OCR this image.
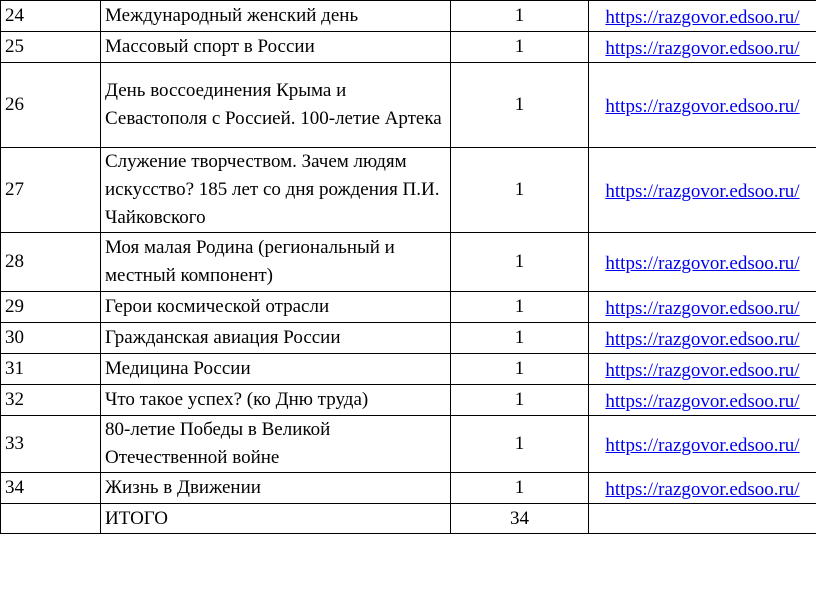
24	Международный женский день	1	https://razgovor.edsoo.ru/
25	Массовый спорт в России	1	https://razgovor.edsoo.ru/
26	День воссоединения Крыма и Севастополя с Россией. 100-летие Артека	1	https://razgovor.edsoo.ru/
27	Служение творчеством. Зачем людям искусство? 185 лет со дня рождения П.И. Чайковского	1	https://razgovor.edsoo.ru/
28	Моя малая Родина (региональный и местный компонент)	1	https://razgovor.edsoo.ru/
29	Герои космической отрасли	1	https://razgovor.edsoo.ru/
30	Гражданская авиация России	1	https://razgovor.edsoo.ru/
31	Медицина России	1	https://razgovor.edsoo.ru/
32	Что такое успех? (ко Дню труда)	1	https://razgovor.edsoo.ru/
33	80-летие Победы в Великой Отечественной войне	1	https://razgovor.edsoo.ru/
34	Жизнь в Движении	1	https://razgovor.edsoo.ru/
	ИТОГО	34	
